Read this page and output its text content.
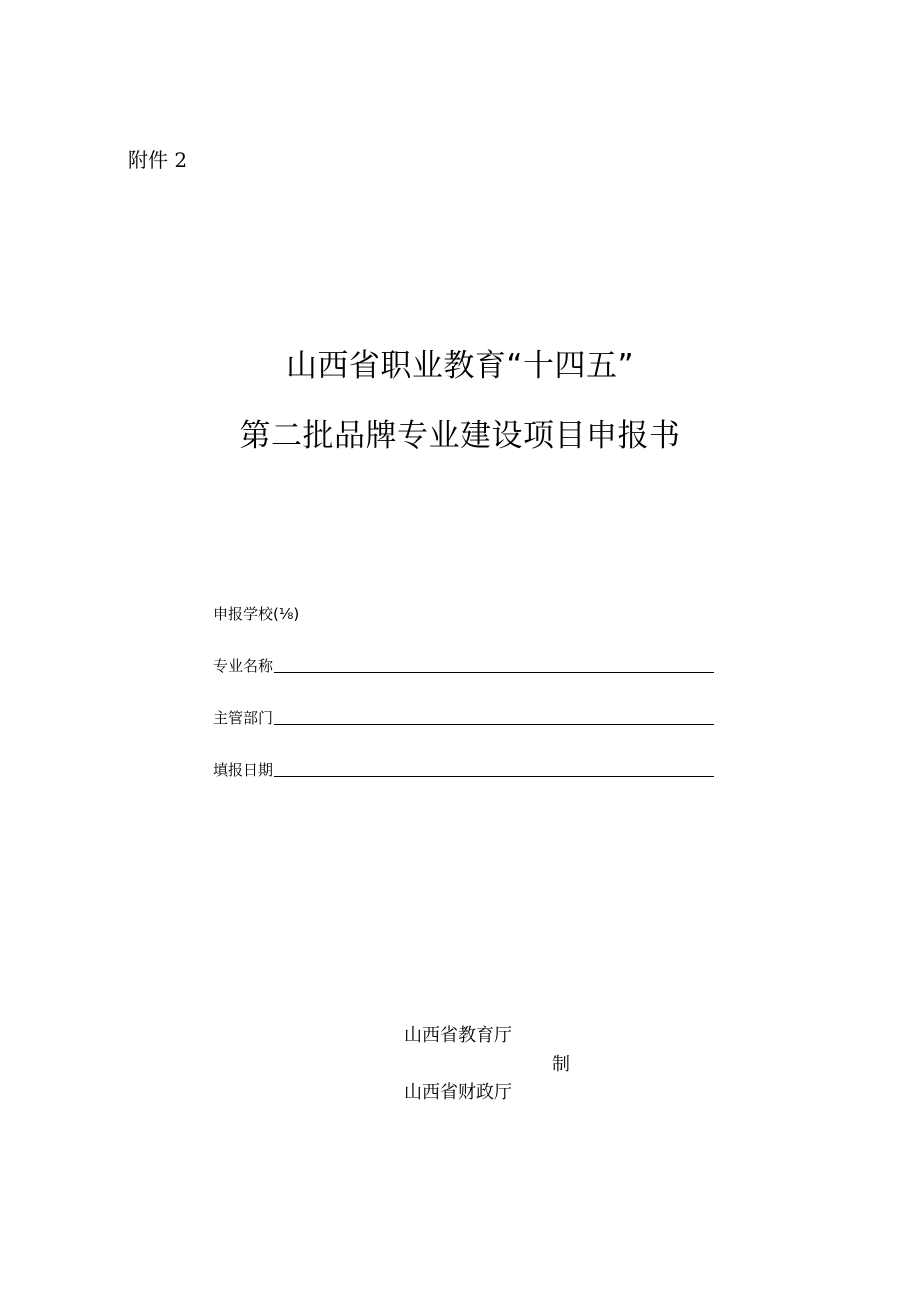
附件 2
山西省职业教育“十四五”
第二批品牌专业建设项目申报书
申报学校(⅛)
专业名称
主管部门
填报日期
山西省教育厅
制
山西省财政厅
